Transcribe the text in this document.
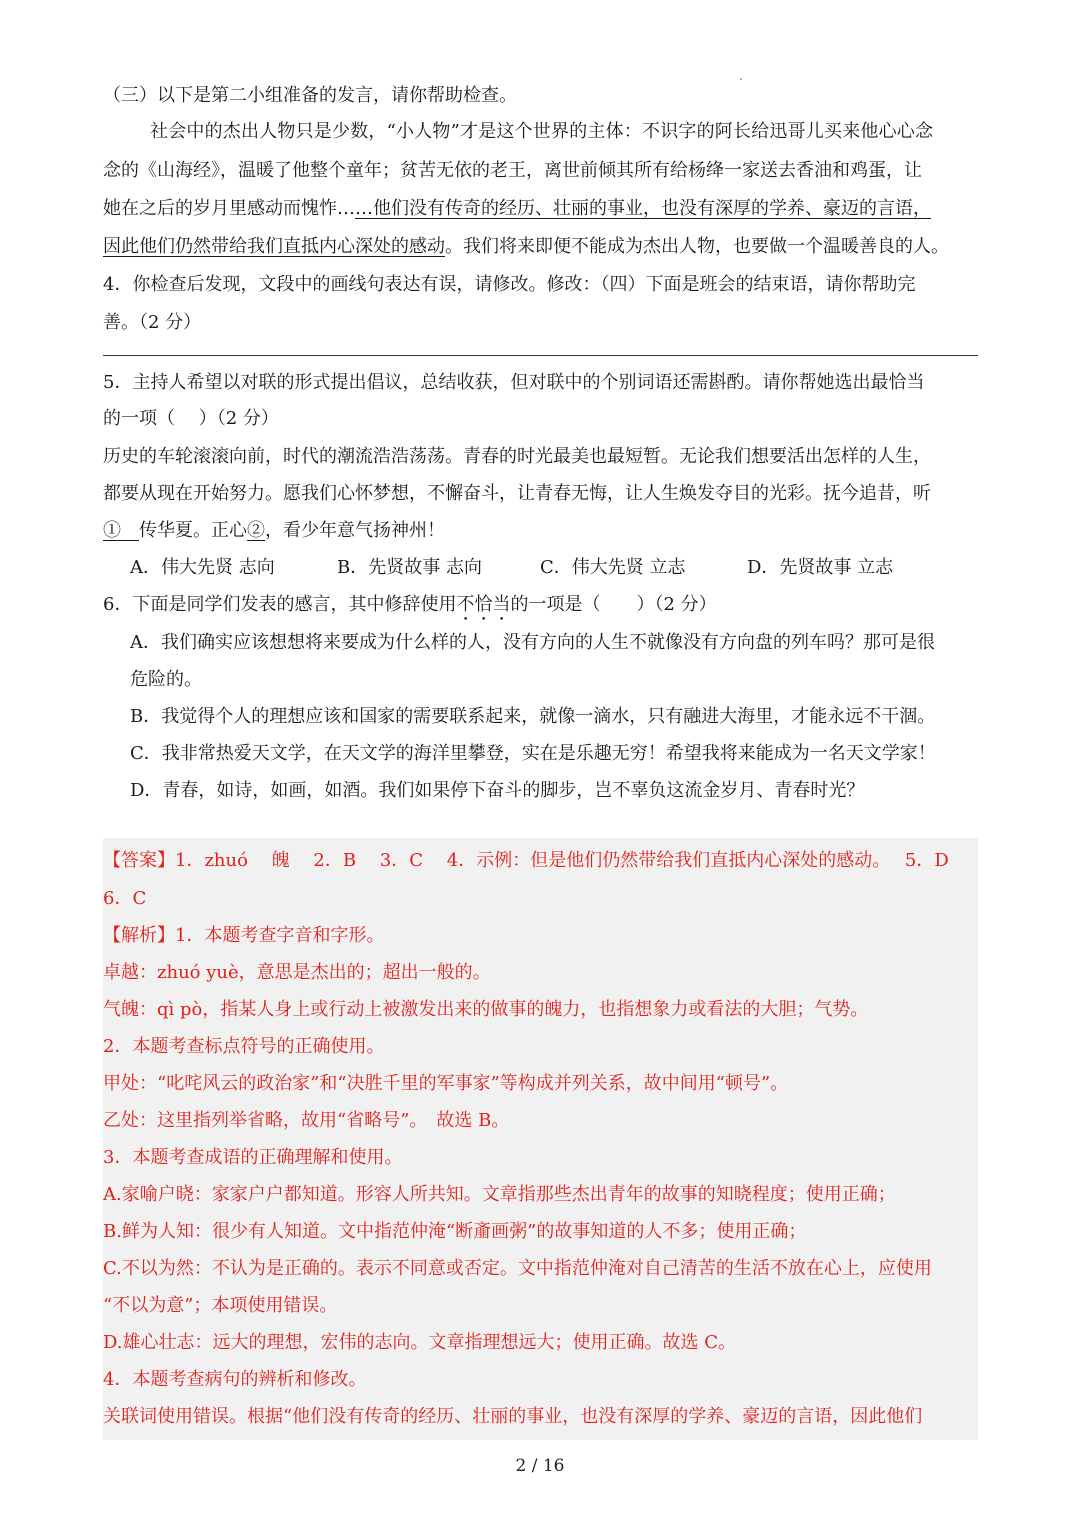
（三）以下是第二小组准备的发言，请你帮助检查。
社会中的杰出人物只是少数，“小人物”才是这个世界的主体：不识字的阿长给迅哥儿买来他心心念
念的《山海经》，温暖了他整个童年；贫苦无依的老王，离世前倾其所有给杨绛一家送去香油和鸡蛋，让
她在之后的岁月里感动而愧怍……他们没有传奇的经历、壮丽的事业，也没有深厚的学养、豪迈的言语，
因此他们仍然带给我们直抵内心深处的感动。我们将来即便不能成为杰出人物，也要做一个温暖善良的人。
4．你检查后发现，文段中的画线句表达有误，请修改。修改：（四）下面是班会的结束语，请你帮助完
善。（2 分）
5．主持人希望以对联的形式提出倡议，总结收获，但对联中的个别词语还需斟酌。请你帮她选出最恰当
的一项（　 ）（2 分）
历史的车轮滚滚向前，时代的潮流浩浩荡荡。青春的时光最美也最短暂。无论我们想要活出怎样的人生，
都要从现在开始努力。愿我们心怀梦想，不懈奋斗，让青春无悔，让人生焕发夺目的光彩。抚今追昔，听
①　 传华夏。正心②，看少年意气扬神州！
A．伟大先贤 志向	B．先贤故事 志向	C．伟大先贤 立志	D．先贤故事 立志
6．下面是同学们发表的感言，其中修辞使用不恰当的一项是（　　）（2 分）
A．我们确实应该想想将来要成为什么样的人，没有方向的人生不就像没有方向盘的列车吗？那可是很
危险的。
B．我觉得个人的理想应该和国家的需要联系起来，就像一滴水，只有融进大海里，才能永远不干涸。
C．我非常热爱天文学，在天文学的海洋里攀登，实在是乐趣无穷！希望我将来能成为一名天文学家！
D．青春，如诗，如画，如酒。我们如果停下奋斗的脚步，岂不辜负这流金岁月、青春时光？
【答案】1．zhuó　 魄　 2．B　 3．C　 4．示例：但是他们仍然带给我们直抵内心深处的感动。　 5．D
6．C
【解析】1．本题考查字音和字形。
卓越：zhuó yuè，意思是杰出的；超出一般的。
气魄：qì pò，指某人身上或行动上被激发出来的做事的魄力，也指想象力或看法的大胆；气势。
2．本题考查标点符号的正确使用。
甲处：“叱咤风云的政治家”和“决胜千里的军事家”等构成并列关系，故中间用“顿号”。
乙处：这里指列举省略，故用“省略号”。　故选 B。
3．本题考查成语的正确理解和使用。
A.家喻户晓：家家户户都知道。形容人所共知。文章指那些杰出青年的故事的知晓程度；使用正确；
B.鲜为人知：很少有人知道。文中指范仲淹“断齑画粥”的故事知道的人不多；使用正确；
C.不以为然：不认为是正确的。表示不同意或否定。文中指范仲淹对自己清苦的生活不放在心上，应使用
“不以为意”；本项使用错误。
D.雄心壮志：远大的理想，宏伟的志向。文章指理想远大；使用正确。故选 C。
4．本题考查病句的辨析和修改。
关联词使用错误。根据“他们没有传奇的经历、壮丽的事业，也没有深厚的学养、豪迈的言语，因此他们
2 / 16
